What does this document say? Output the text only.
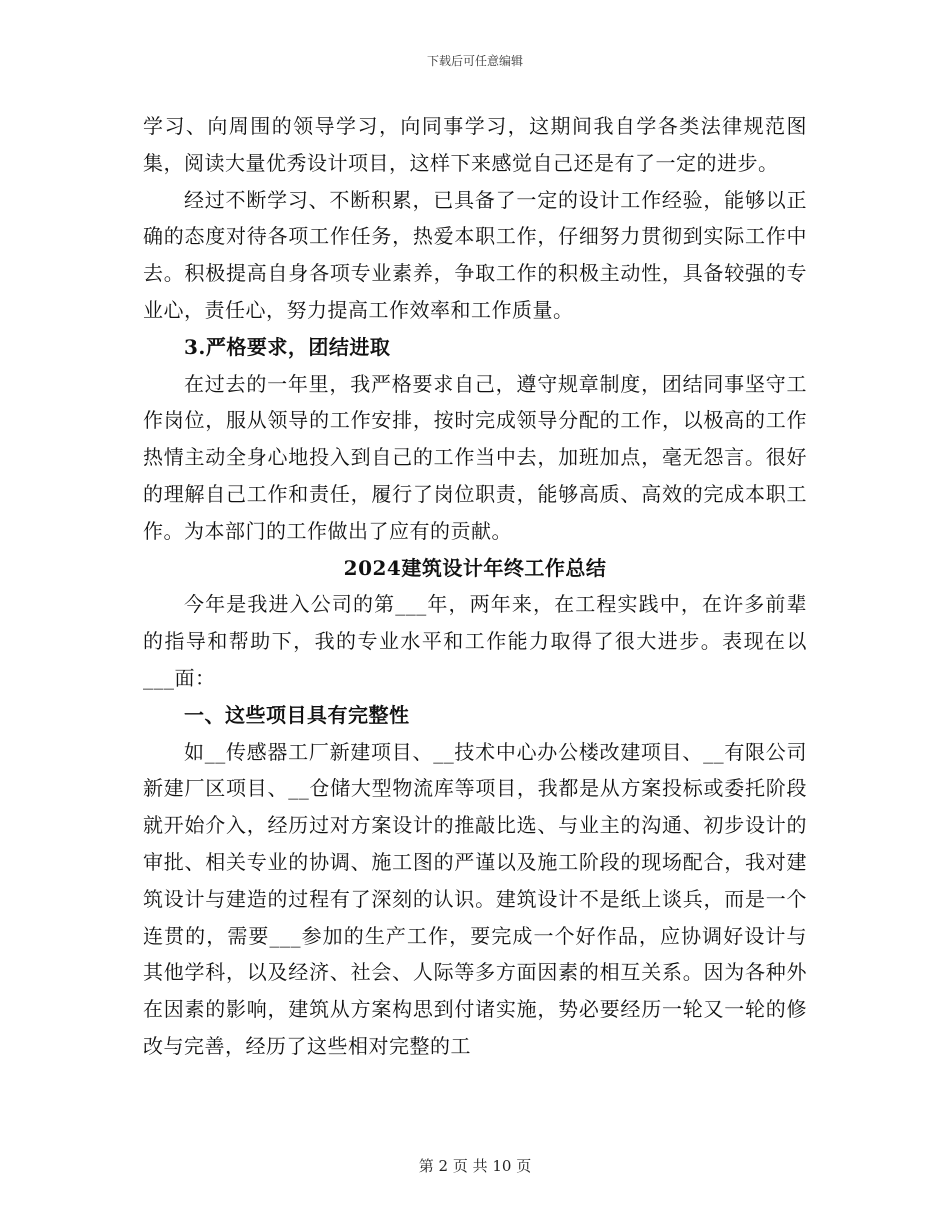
下载后可任意编辑

学习、向周围的领导学习，向同事学习，这期间我自学各类法律规范图集，阅读大量优秀设计项目，这样下来感觉自己还是有了一定的进步。

经过不断学习、不断积累，已具备了一定的设计工作经验，能够以正确的态度对待各项工作任务，热爱本职工作，仔细努力贯彻到实际工作中去。积极提高自身各项专业素养，争取工作的积极主动性，具备较强的专业心，责任心，努力提高工作效率和工作质量。

3.严格要求，团结进取

在过去的一年里，我严格要求自己，遵守规章制度，团结同事坚守工作岗位，服从领导的工作安排，按时完成领导分配的工作，以极高的工作热情主动全身心地投入到自己的工作当中去，加班加点，毫无怨言。很好的理解自己工作和责任，履行了岗位职责，能够高质、高效的完成本职工作。为本部门的工作做出了应有的贡献。

2024建筑设计年终工作总结

今年是我进入公司的第___年，两年来，在工程实践中，在许多前辈的指导和帮助下，我的专业水平和工作能力取得了很大进步。表现在以___面：

一、这些项目具有完整性

如__传感器工厂新建项目、__技术中心办公楼改建项目、__有限公司新建厂区项目、__仓储大型物流库等项目，我都是从方案投标或委托阶段就开始介入，经历过对方案设计的推敲比选、与业主的沟通、初步设计的审批、相关专业的协调、施工图的严谨以及施工阶段的现场配合，我对建筑设计与建造的过程有了深刻的认识。建筑设计不是纸上谈兵，而是一个连贯的，需要___参加的生产工作，要完成一个好作品，应协调好设计与其他学科，以及经济、社会、人际等多方面因素的相互关系。因为各种外在因素的影响，建筑从方案构思到付诸实施，势必要经历一轮又一轮的修改与完善，经历了这些相对完整的工

第 2 页 共 10 页
